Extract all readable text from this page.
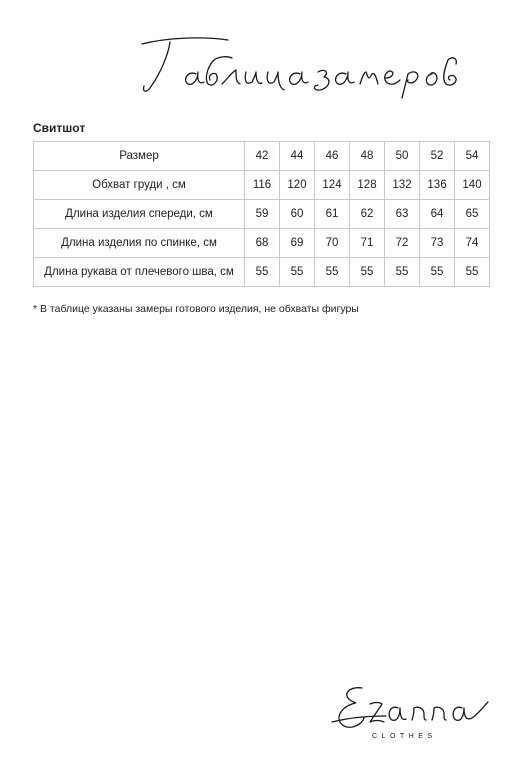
Свитшот
Размер	42	44	46	48	50	52	54
Обхват груди , см	116	120	124	128	132	136	140
Длина изделия спереди, см	59	60	61	62	63	64	65
Длина изделия по спинке, см	68	69	70	71	72	73	74
Длина рукава от плечевого шва, см	55	55	55	55	55	55	55

* В таблице указаны замеры готового изделия, не обхваты фигуры

CLOTHES
